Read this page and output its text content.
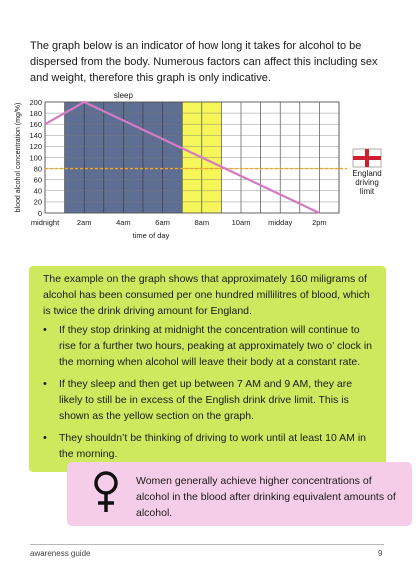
The graph below is an indicator of how long it takes for alcohol to be dispersed from the body. Numerous factors can affect this including sex and weight, therefore this graph is only indicative.
time of day
blood alcohol concentration (mg/%)
sleep
0
20
40
60
80
100
120
140
160
180
200
midnight 2am	4am	6am	8am	10am midday	2pm
England driving limit

The example on the graph shows that approximately 160 miligrams of alcohol has been consumed per one hundred millilitres of blood, which is twice the drink driving amount for England.

• If they stop drinking at midnight the concentration will continue to rise for a further two hours, peaking at approximately two o’ clock in the morning when alcohol will leave their body at a constant rate.
• If they sleep and then get up between 7 AM and 9 AM, they are likely to still be in excess of the English drink drive limit. This is shown as the yellow section on the graph.
• They shouldn’t be thinking of driving to work until at least 10 AM in the morning.

Women generally achieve higher concentrations of alcohol in the blood after drinking equivalent amounts of alcohol.

awareness guide	9
